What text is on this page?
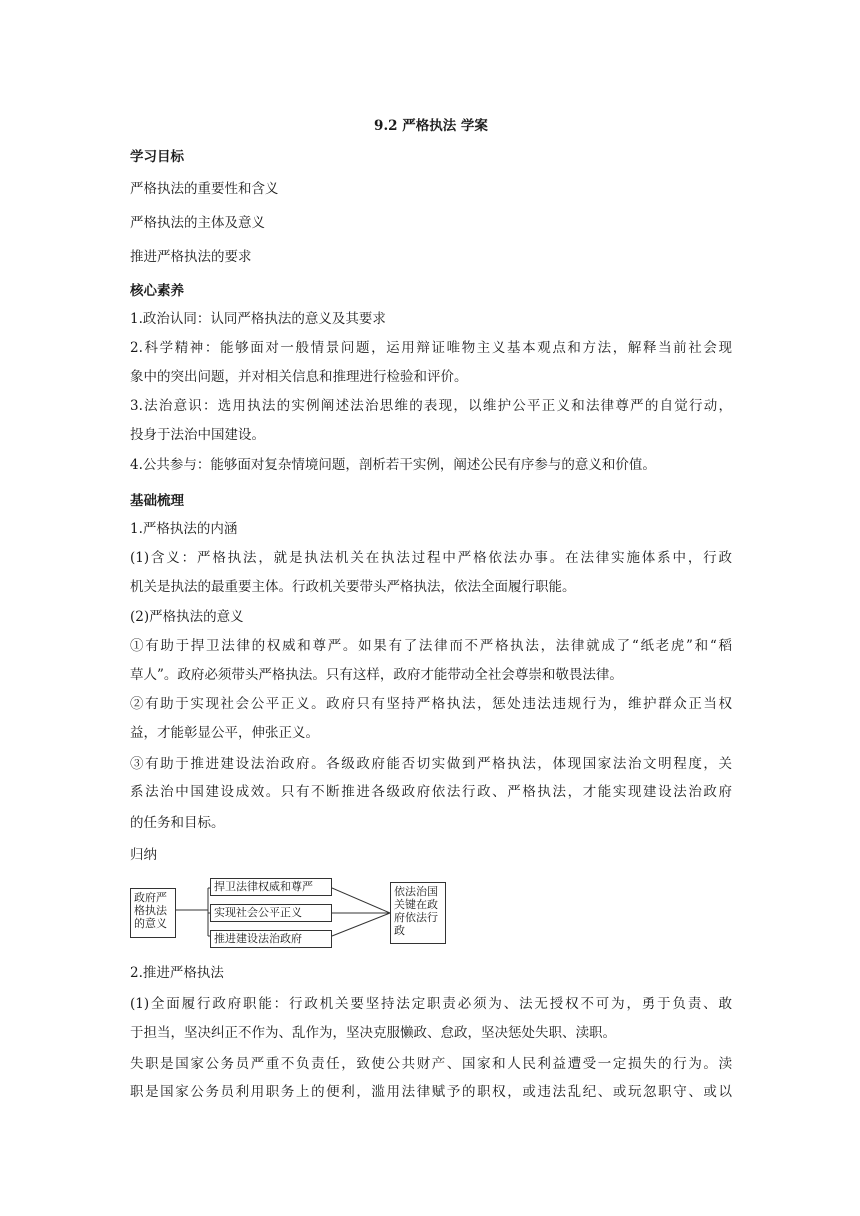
9.2 严格执法 学案
学习目标
严格执法的重要性和含义
严格执法的主体及意义
推进严格执法的要求
核心素养
1.政治认同：认同严格执法的意义及其要求
2.科学精神：能够面对一般情景问题，运用辩证唯物主义基本观点和方法，解释当前社会现
象中的突出问题，并对相关信息和推理进行检验和评价。
3.法治意识：选用执法的实例阐述法治思维的表现，以维护公平正义和法律尊严的自觉行动，
投身于法治中国建设。
4.公共参与：能够面对复杂情境问题，剖析若干实例，阐述公民有序参与的意义和价值。
基础梳理
1.严格执法的内涵
(1)含义：严格执法，就是执法机关在执法过程中严格依法办事。在法律实施体系中，行政
机关是执法的最重要主体。行政机关要带头严格执法，依法全面履行职能。
(2)严格执法的意义
①有助于捍卫法律的权威和尊严。如果有了法律而不严格执法，法律就成了“纸老虎”和“稻
草人”。政府必须带头严格执法。只有这样，政府才能带动全社会尊崇和敬畏法律。
②有助于实现社会公平正义。政府只有坚持严格执法，惩处违法违规行为，维护群众正当权
益，才能彰显公平，伸张正义。
③有助于推进建设法治政府。各级政府能否切实做到严格执法，体现国家法治文明程度，关
系法治中国建设成效。只有不断推进各级政府依法行政、严格执法，才能实现建设法治政府
的任务和目标。
归纳
政府严格执法的意义
捍卫法律权威和尊严
实现社会公平正义
推进建设法治政府
依法治国关键在政府依法行政
2.推进严格执法
(1)全面履行政府职能：行政机关要坚持法定职责必须为、法无授权不可为，勇于负责、敢
于担当，坚决纠正不作为、乱作为，坚决克服懒政、怠政，坚决惩处失职、渎职。
失职是国家公务员严重不负责任，致使公共财产、国家和人民利益遭受一定损失的行为。渎
职是国家公务员利用职务上的便利，滥用法律赋予的职权，或违法乱纪、或玩忽职守、或以
